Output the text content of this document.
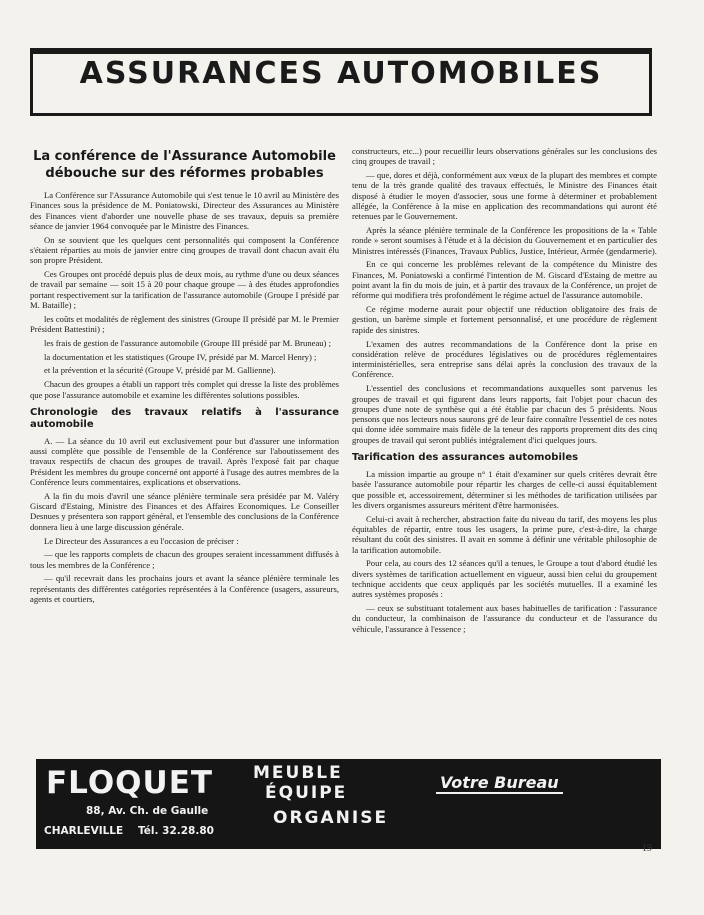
ASSURANCES AUTOMOBILES
La conférence de l'Assurance Automobile débouche sur des réformes probables

La Conférence sur l'Assurance Automobile qui s'est tenue le 10 avril au Ministère des Finances sous la présidence de M. Poniatowski, Directeur des Assurances au Ministère des Finances vient d'aborder une nouvelle phase de ses travaux, depuis sa première séance de janvier 1964 convoquée par le Ministre des Finances.

On se souvient que les quelques cent personnalités qui composent la Conférence s'étaient réparties au mois de janvier entre cinq groupes de travail dont chacun avait élu son propre Président.

Ces Groupes ont procédé depuis plus de deux mois, au rythme d'une ou deux séances de travail par semaine — soit 15 à 20 pour chaque groupe — à des études approfondies portant respectivement sur la tarification de l'assurance automobile (Groupe I présidé par M. Bataille) ;

les coûts et modalités de règlement des sinistres (Groupe II présidé par M. le Premier Président Battestini) ;

les frais de gestion de l'assurance automobile (Groupe III présidé par M. Bruneau) ;

la documentation et les statistiques (Groupe IV, présidé par M. Marcel Henry) ;

et la prévention et la sécurité (Groupe V, présidé par M. Gallienne).

Chacun des groupes a établi un rapport très complet qui dresse la liste des problèmes que pose l'assurance automobile et examine les différentes solutions possibles.

Chronologie des travaux relatifs à l'assurance automobile

A. — La séance du 10 avril eut exclusivement pour but d'assurer une information aussi complète que possible de l'ensemble de la Conférence sur l'aboutissement des travaux respectifs de chacun des groupes de travail. Après l'exposé fait par chaque Président les membres du groupe concerné ont apporté à l'usage des autres membres de la Conférence leurs commentaires, explications et observations.

A la fin du mois d'avril une séance plénière terminale sera présidée par M. Valéry Giscard d'Estaing, Ministre des Finances et des Affaires Economiques. Le Conseiller Desnues y présentera son rapport général, et l'ensemble des conclusions de la Conférence donnera lieu à une large discussion générale.

Le Directeur des Assurances a eu l'occasion de préciser :

— que les rapports complets de chacun des groupes seraient incessamment diffusés à tous les membres de la Conférence ;

— qu'il recevrait dans les prochains jours et avant la séance plénière terminale les représentants des différentes catégories représentées à la Conférence (usagers, assureurs, agents et courtiers,

constructeurs, etc...) pour recueillir leurs observations générales sur les conclusions des cinq groupes de travail ;

— que, dores et déjà, conformément aux vœux de la plupart des membres et compte tenu de la très grande qualité des travaux effectués, le Ministre des Finances était disposé à étudier le moyen d'associer, sous une forme à déterminer et probablement allégée, la Conférence à la mise en application des recommandations qui auront été retenues par le Gouvernement.

Après la séance plénière terminale de la Conférence les propositions de la « Table ronde » seront soumises à l'étude et à la décision du Gouvernement et en particulier des Ministres intéressés (Finances, Travaux Publics, Justice, Intérieur, Armée (gendarmerie).

En ce qui concerne les problèmes relevant de la compétence du Ministre des Finances, M. Poniatowski a confirmé l'intention de M. Giscard d'Estaing de mettre au point avant la fin du mois de juin, et à partir des travaux de la Conférence, un projet de réforme qui modifiera très profondément le régime actuel de l'assurance automobile.

Ce régime moderne aurait pour objectif une réduction obligatoire des frais de gestion, un barème simple et fortement personnalisé, et une procédure de règlement rapide des sinistres.

L'examen des autres recommandations de la Conférence dont la prise en considération relève de procédures législatives ou de procédures réglementaires interministérielles, sera entreprise sans délai après la conclusion des travaux de la Conférence.

L'essentiel des conclusions et recommandations auxquelles sont parvenus les groupes de travail et qui figurent dans leurs rapports, fait l'objet pour chacun des groupes d'une note de synthèse qui a été établie par chacun des 5 présidents. Nous pensons que nos lecteurs nous saurons gré de leur faire connaître l'essentiel de ces notes qui donne idée sommaire mais fidèle de la teneur des rapports proprement dits des cinq groupes de travail qui seront publiés intégralement d'ici quelques jours.

Tarification des assurances automobiles

La mission impartie au groupe n° 1 était d'examiner sur quels critères devrait être basée l'assurance automobile pour répartir les charges de celle-ci aussi équitablement que possible et, accessoirement, déterminer si les méthodes de tarification utilisées par les divers organismes assureurs méritent d'être harmonisées.

Celui-ci avait à rechercher, abstraction faite du niveau du tarif, des moyens les plus équitables de répartir, entre tous les usagers, la prime pure, c'est-à-dire, la charge résultant du coût des sinistres. Il avait en somme à définir une véritable philosophie de la tarification automobile.

Pour cela, au cours des 12 séances qu'il a tenues, le Groupe a tout d'abord étudié les divers systèmes de tarification actuellement en vigueur, aussi bien celui du groupement technique accidents que ceux appliqués par les sociétés mutuelles. Il a examiné les autres systèmes proposés :

— ceux se substituant totalement aux bases habituelles de tarification : l'assurance du conducteur, la combinaison de l'assurance du conducteur et de l'assurance du véhicule, l'assurance à l'essence ;

FLOQUET MEUBLE
ÉQUIPE
ORGANISE
Votre Bureau
88, Av. Ch. de Gaulle
CHARLEVILLE Tél. 32.28.80
19
